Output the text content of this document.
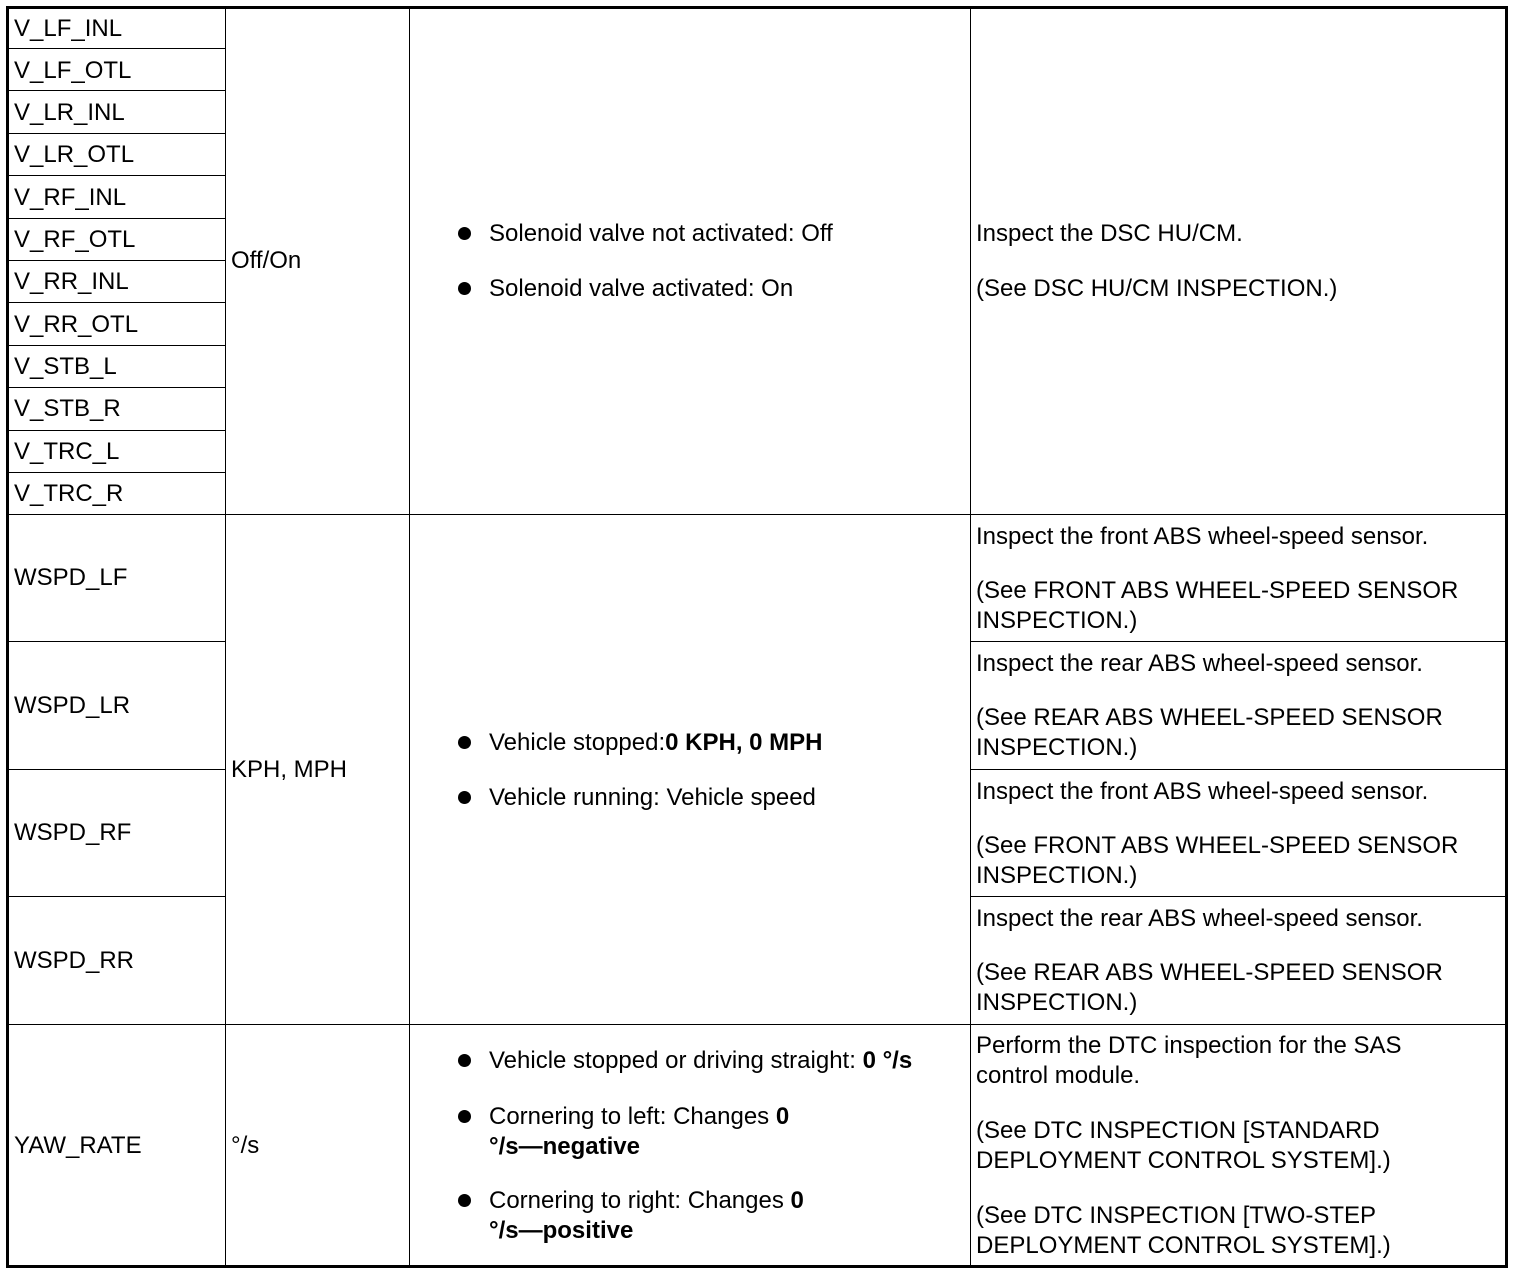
V_LF_INL
V_LF_OTL
V_LR_INL
V_LR_OTL
V_RF_INL
V_RF_OTL
V_RR_INL
V_RR_OTL
V_STB_L
V_STB_R
V_TRC_L
V_TRC_R
Off/On
Solenoid valve not activated: Off
Solenoid valve activated: On
Inspect the DSC HU/CM.
(See DSC HU/CM INSPECTION.)
WSPD_LF
WSPD_LR
WSPD_RF
WSPD_RR
KPH, MPH
Vehicle stopped:0 KPH, 0 MPH
Vehicle running: Vehicle speed
Inspect the front ABS wheel-speed sensor.
(See FRONT ABS WHEEL-SPEED SENSOR
INSPECTION.)
Inspect the rear ABS wheel-speed sensor.
(See REAR ABS WHEEL-SPEED SENSOR
INSPECTION.)
Inspect the front ABS wheel-speed sensor.
(See FRONT ABS WHEEL-SPEED SENSOR
INSPECTION.)
Inspect the rear ABS wheel-speed sensor.
(See REAR ABS WHEEL-SPEED SENSOR
INSPECTION.)
YAW_RATE	°/s
Vehicle stopped or driving straight: 0 °/s
Cornering to left: Changes 0
°/s—negative
Cornering to right: Changes 0
°/s—positive
Perform the DTC inspection for the SAS
control module.
(See DTC INSPECTION [STANDARD
DEPLOYMENT CONTROL SYSTEM].)
(See DTC INSPECTION [TWO-STEP
DEPLOYMENT CONTROL SYSTEM].)
